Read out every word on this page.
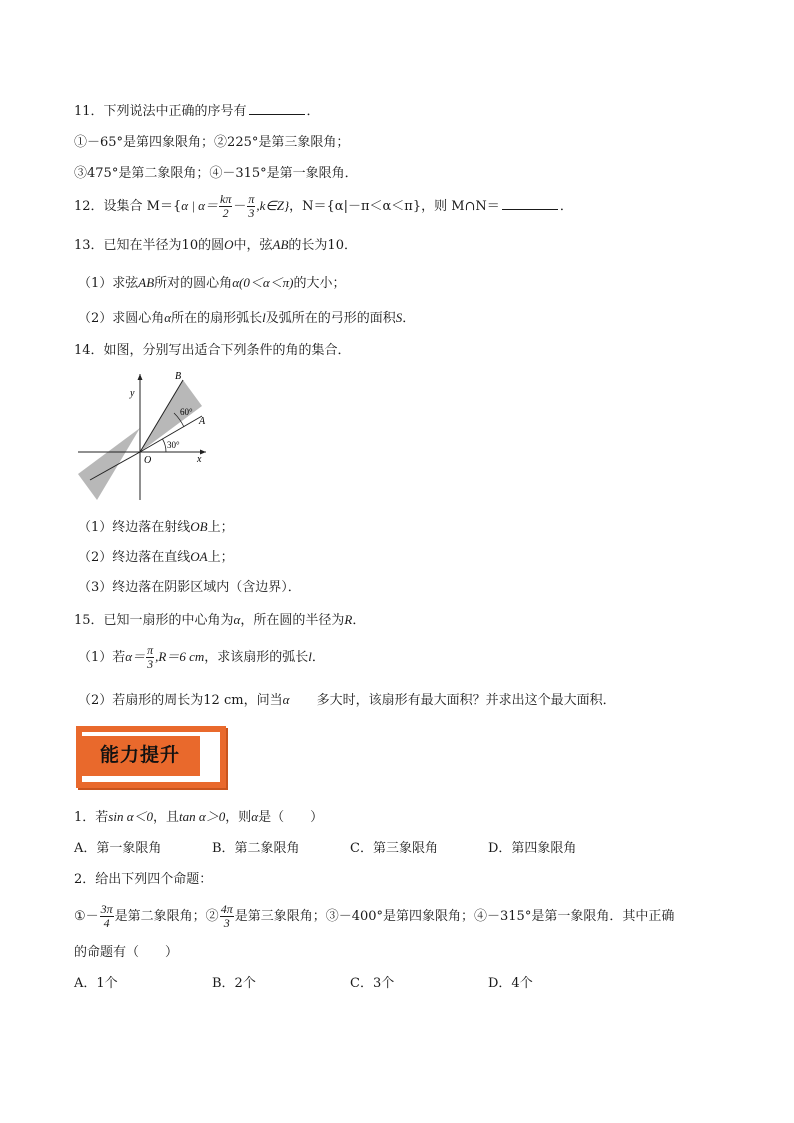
11．下列说法中正确的序号有	．
①－65°是第四象限角；②225°是第三象限角；
③475°是第二象限角；④－315°是第一象限角．
12．设集合 M＝{α | $\alpha= \frac{k\pi}{2} - \frac{\pi}{3}$ ,k∈Z}，N＝{α|－π＜α＜π}，则 M∩N＝	．
13．已知在半径为10的圆O中，弦AB的长为10．
（1）求弦AB所对的圆心角α(0＜α＜π)的大小；
（2）求圆心角α所在的扇形弧长l及弧所在的弓形的面积S．
14．如图，分别写出适合下列条件的角的集合．
y
x
O
B
A
60°
30°
（1）终边落在射线OB上；
（2）终边落在直线OA上；
（3）终边落在阴影区域内（含边界）．
15．已知一扇形的中心角为α，所在圆的半径为R．
（1）若$\alpha= \frac{\pi}{3} ,R=6$ cm，求该扇形的弧长l．
（2）若扇形的周长为12 cm，问当α 多大时，该扇形有最大面积？并求出这个最大面积．
能力提升
1．若sin α＜0，且tan α＞0，则α是（　　）
A．第一象限角	B．第二象限角	C．第三象限角	D．第四象限角
2．给出下列四个命题：
①－ $\frac{3\pi}{4}$ 是第二象限角；② $\frac{4\pi}{3}$ 是第三象限角；③－400°是第四象限角；④－315°是第一象限角．其中正确
的命题有（　　）
A．1个	B．2个	C．3个	D．4个
